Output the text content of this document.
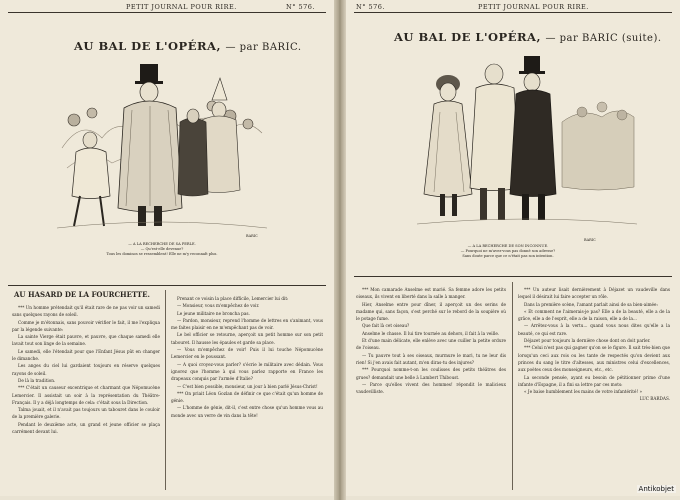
PETIT JOURNAL POUR RIRE.	N° 576.
AU BAL DE L'OPÉRA, — par BARIC.
BARIC
— A LA RECHERCHE DE SA PERLE.
— Qu'est-elle devenue?
Tous les dominos se ressemblent! Elle ne m'y reconnaît plus.
AU HASARD DE LA FOURCHETTE.

*** Un homme prétendait qu'il était rare de ne pas voir un samedi sans quelques rayons de soleil.

Comme je m'étonnais, sans pouvoir vérifier le fait, il me l'expliqua par la légende suivante:

La sainte Vierge était pauvre, et pauvre, que chaque samedi elle lavait tout son linge de la semaine.

Le samedi, elle l'étendait pour que l'Enfant Jésus pût en changer le dimanche.

Les anges du ciel lui gardaient toujours en réserve quelques rayons de soleil.

De là la tradition.

*** C'était un causeur excentrique et charmant que Népomucène Lemercier. Il assistait un soir à la représentation du Théâtre-Français. Il y a déjà longtemps de cela: c'était sous la Direction.

Talma jouait, et il n'avait pas toujours un tabouret dans le couloir de la première galerie.

Pendant le deuxième acte, un grand et jeune officier se plaça carrément devant lui.

Prenant ce voisin la place difficile, Lemercier lui dit:

— Monsieur, vous m'empêchez de voir.

Le jeune militaire ne broncha pas.

— Pardon, monsieur, reprend l'homme de lettres en s'animant, vous me faites plaisir en ne m'empêchant pas de voir.

Le bel officier se retourne, aperçoit un petit homme sur son petit tabouret. Il hausse les épaules et garde sa place.

— Vous m'empêchez de voir! Puis il lui touche Népomucène Lemercier en le poussant.

— A quoi croyez-vous parler? s'écrie le militaire avec dédain. Vous ignorez que l'homme à qui vous parlez rapporte en France les drapeaux conquis par l'armée d'Italie?

— C'est bien possible, monsieur, un jour à bien parlé Jésus-Christ!

*** On priait Léon Gozlan de définir ce que c'était qu'un homme de génie.

— L'homme de génie, dit-il, c'est entre chose qu'un homme vous au monde avec un verre de vin dans la tête!

N° 576.	PETIT JOURNAL POUR RIRE.
AU BAL DE L'OPÉRA, — par BARIC (suite).
BARIC
— A LA RECHERCHE DE SON INCONNUE.
— Pourquoi ne m'avez-vous pas donné son adresse?
Sans doute parce que ce n'était pas son intention.

*** Mon camarade Anselme est marié. Sa femme adore les petits oiseaux, ils vivent en liberté dans la salle à manger.

Hier, Anselme entre pour dîner, il aperçoit un des serins de madame qui, sans façon, s'est perché sur le rebord de la soupière où le potage fume.

Que fait là cet oiseau?

Anselme le chasse. Il lui tire tournée au dehors, il fait à la veille.

Et d'une main délicate, elle enlève avec une cuiller la petite ordure de l'oiseau.

— Tu pauvre tout à ses oiseaux, murmure le mari, tu ne leur dis rien! Si j'en avais fait autant, m'en diras-tu des injures?

*** Pourquoi nomme-t-on les coulisses des petits théâtres des grues? demandait une belle à Lambert Thiboust.

— Parce qu'elles vivent des hommes! répondit le malicieux vaudevilliste.

*** Un auteur lisait dernièrement à Déjazet un vaudeville dans lequel il désirait lui faire accepter un rôle.

Dans la première scène, l'amant parlait ainsi de sa bien-aimée:

« Et comment ne l'aimerais-je pas? Elle a de la beauté, elle a de la grâce, elle a de l'esprit, elle a de la raison, elle a de la...

— Arrêtez-vous à la vertu... quand vous nous dites qu'elle a la beauté, ce qui est rare.

Déjazet pour toujours la dernière chose dont on doit parler.

*** Celui n'est pas qui gagner qu'on se le figure. Il sait très-bien que lorsqu'un ceci aux rois ou les tante de respectés qu'on devient aux princes du sang le titre d'altesses, aux ministres celui d'excellences, aux poètes ceux des monseigneurs, etc., etc.

La seconde pensée, ayant eu besoin de pétitionner prime d'une infante d'Espagne, il a fini sa lettre par ces mots:

« Je baise humblement les mains de votre infantérité! »

LUC BARDAS.

Antikobjet
